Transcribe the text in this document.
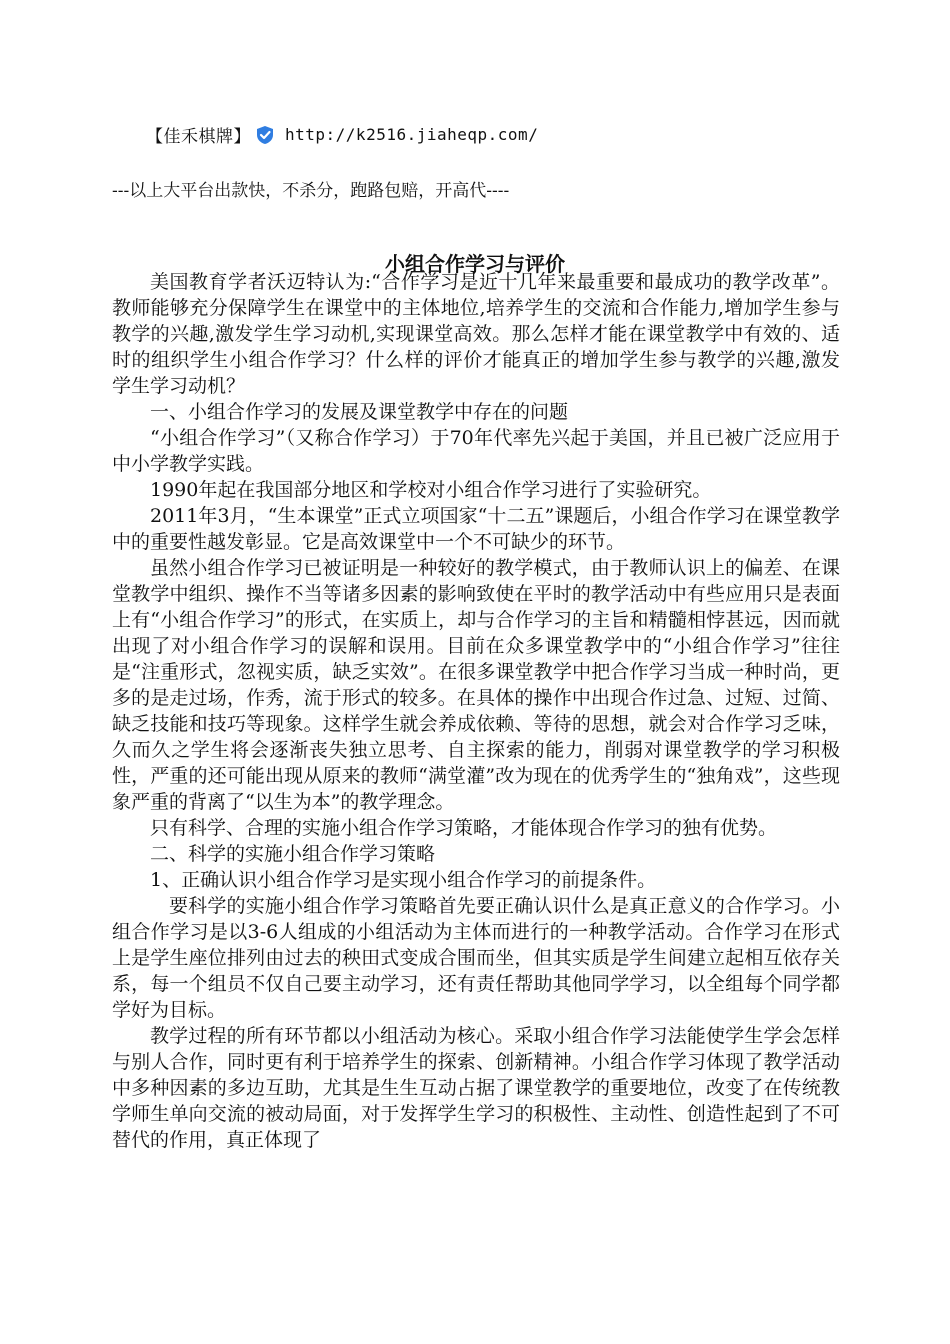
【佳禾棋牌】 http://k2516.jiaheqp.com/
---以上大平台出款快，不杀分，跑路包赔，开高代----
小组合作学习与评价

美国教育学者沃迈特认为:“合作学习是近十几年来最重要和最成功的教学改革”。教师能够充分保障学生在课堂中的主体地位,培养学生的交流和合作能力,增加学生参与教学的兴趣,激发学生学习动机,实现课堂高效。那么怎样才能在课堂教学中有效的、适时的组织学生小组合作学习？什么样的评价才能真正的增加学生参与教学的兴趣,激发学生学习动机？

一、小组合作学习的发展及课堂教学中存在的问题

“小组合作学习”（又称合作学习）于70年代率先兴起于美国，并且已被广泛应用于中小学教学实践。

1990年起在我国部分地区和学校对小组合作学习进行了实验研究。

2011年3月，“生本课堂”正式立项国家“十二五”课题后，小组合作学习在课堂教学中的重要性越发彰显。它是高效课堂中一个不可缺少的环节。

虽然小组合作学习已被证明是一种较好的教学模式，由于教师认识上的偏差、在课堂教学中组织、操作不当等诸多因素的影响致使在平时的教学活动中有些应用只是表面上有“小组合作学习”的形式，在实质上，却与合作学习的主旨和精髓相悖甚远，因而就出现了对小组合作学习的误解和误用。目前在众多课堂教学中的“小组合作学习”往往是“注重形式，忽视实质，缺乏实效”。在很多课堂教学中把合作学习当成一种时尚，更多的是走过场，作秀，流于形式的较多。在具体的操作中出现合作过急、过短、过简、缺乏技能和技巧等现象。这样学生就会养成依赖、等待的思想，就会对合作学习乏味，久而久之学生将会逐渐丧失独立思考、自主探索的能力，削弱对课堂教学的学习积极性，严重的还可能出现从原来的教师“满堂灌”改为现在的优秀学生的“独角戏”，这些现象严重的背离了“以生为本”的教学理念。

只有科学、合理的实施小组合作学习策略，才能体现合作学习的独有优势。

二、科学的实施小组合作学习策略

1、正确认识小组合作学习是实现小组合作学习的前提条件。

要科学的实施小组合作学习策略首先要正确认识什么是真正意义的合作学习。小组合作学习是以3-6人组成的小组活动为主体而进行的一种教学活动。合作学习在形式上是学生座位排列由过去的秧田式变成合围而坐，但其实质是学生间建立起相互依存关系，每一个组员不仅自己要主动学习，还有责任帮助其他同学学习，以全组每个同学都学好为目标。

教学过程的所有环节都以小组活动为核心。采取小组合作学习法能使学生学会怎样与别人合作，同时更有利于培养学生的探索、创新精神。小组合作学习体现了教学活动中多种因素的多边互助，尤其是生生互动占据了课堂教学的重要地位，改变了在传统教学师生单向交流的被动局面，对于发挥学生学习的积极性、主动性、创造性起到了不可替代的作用，真正体现了
